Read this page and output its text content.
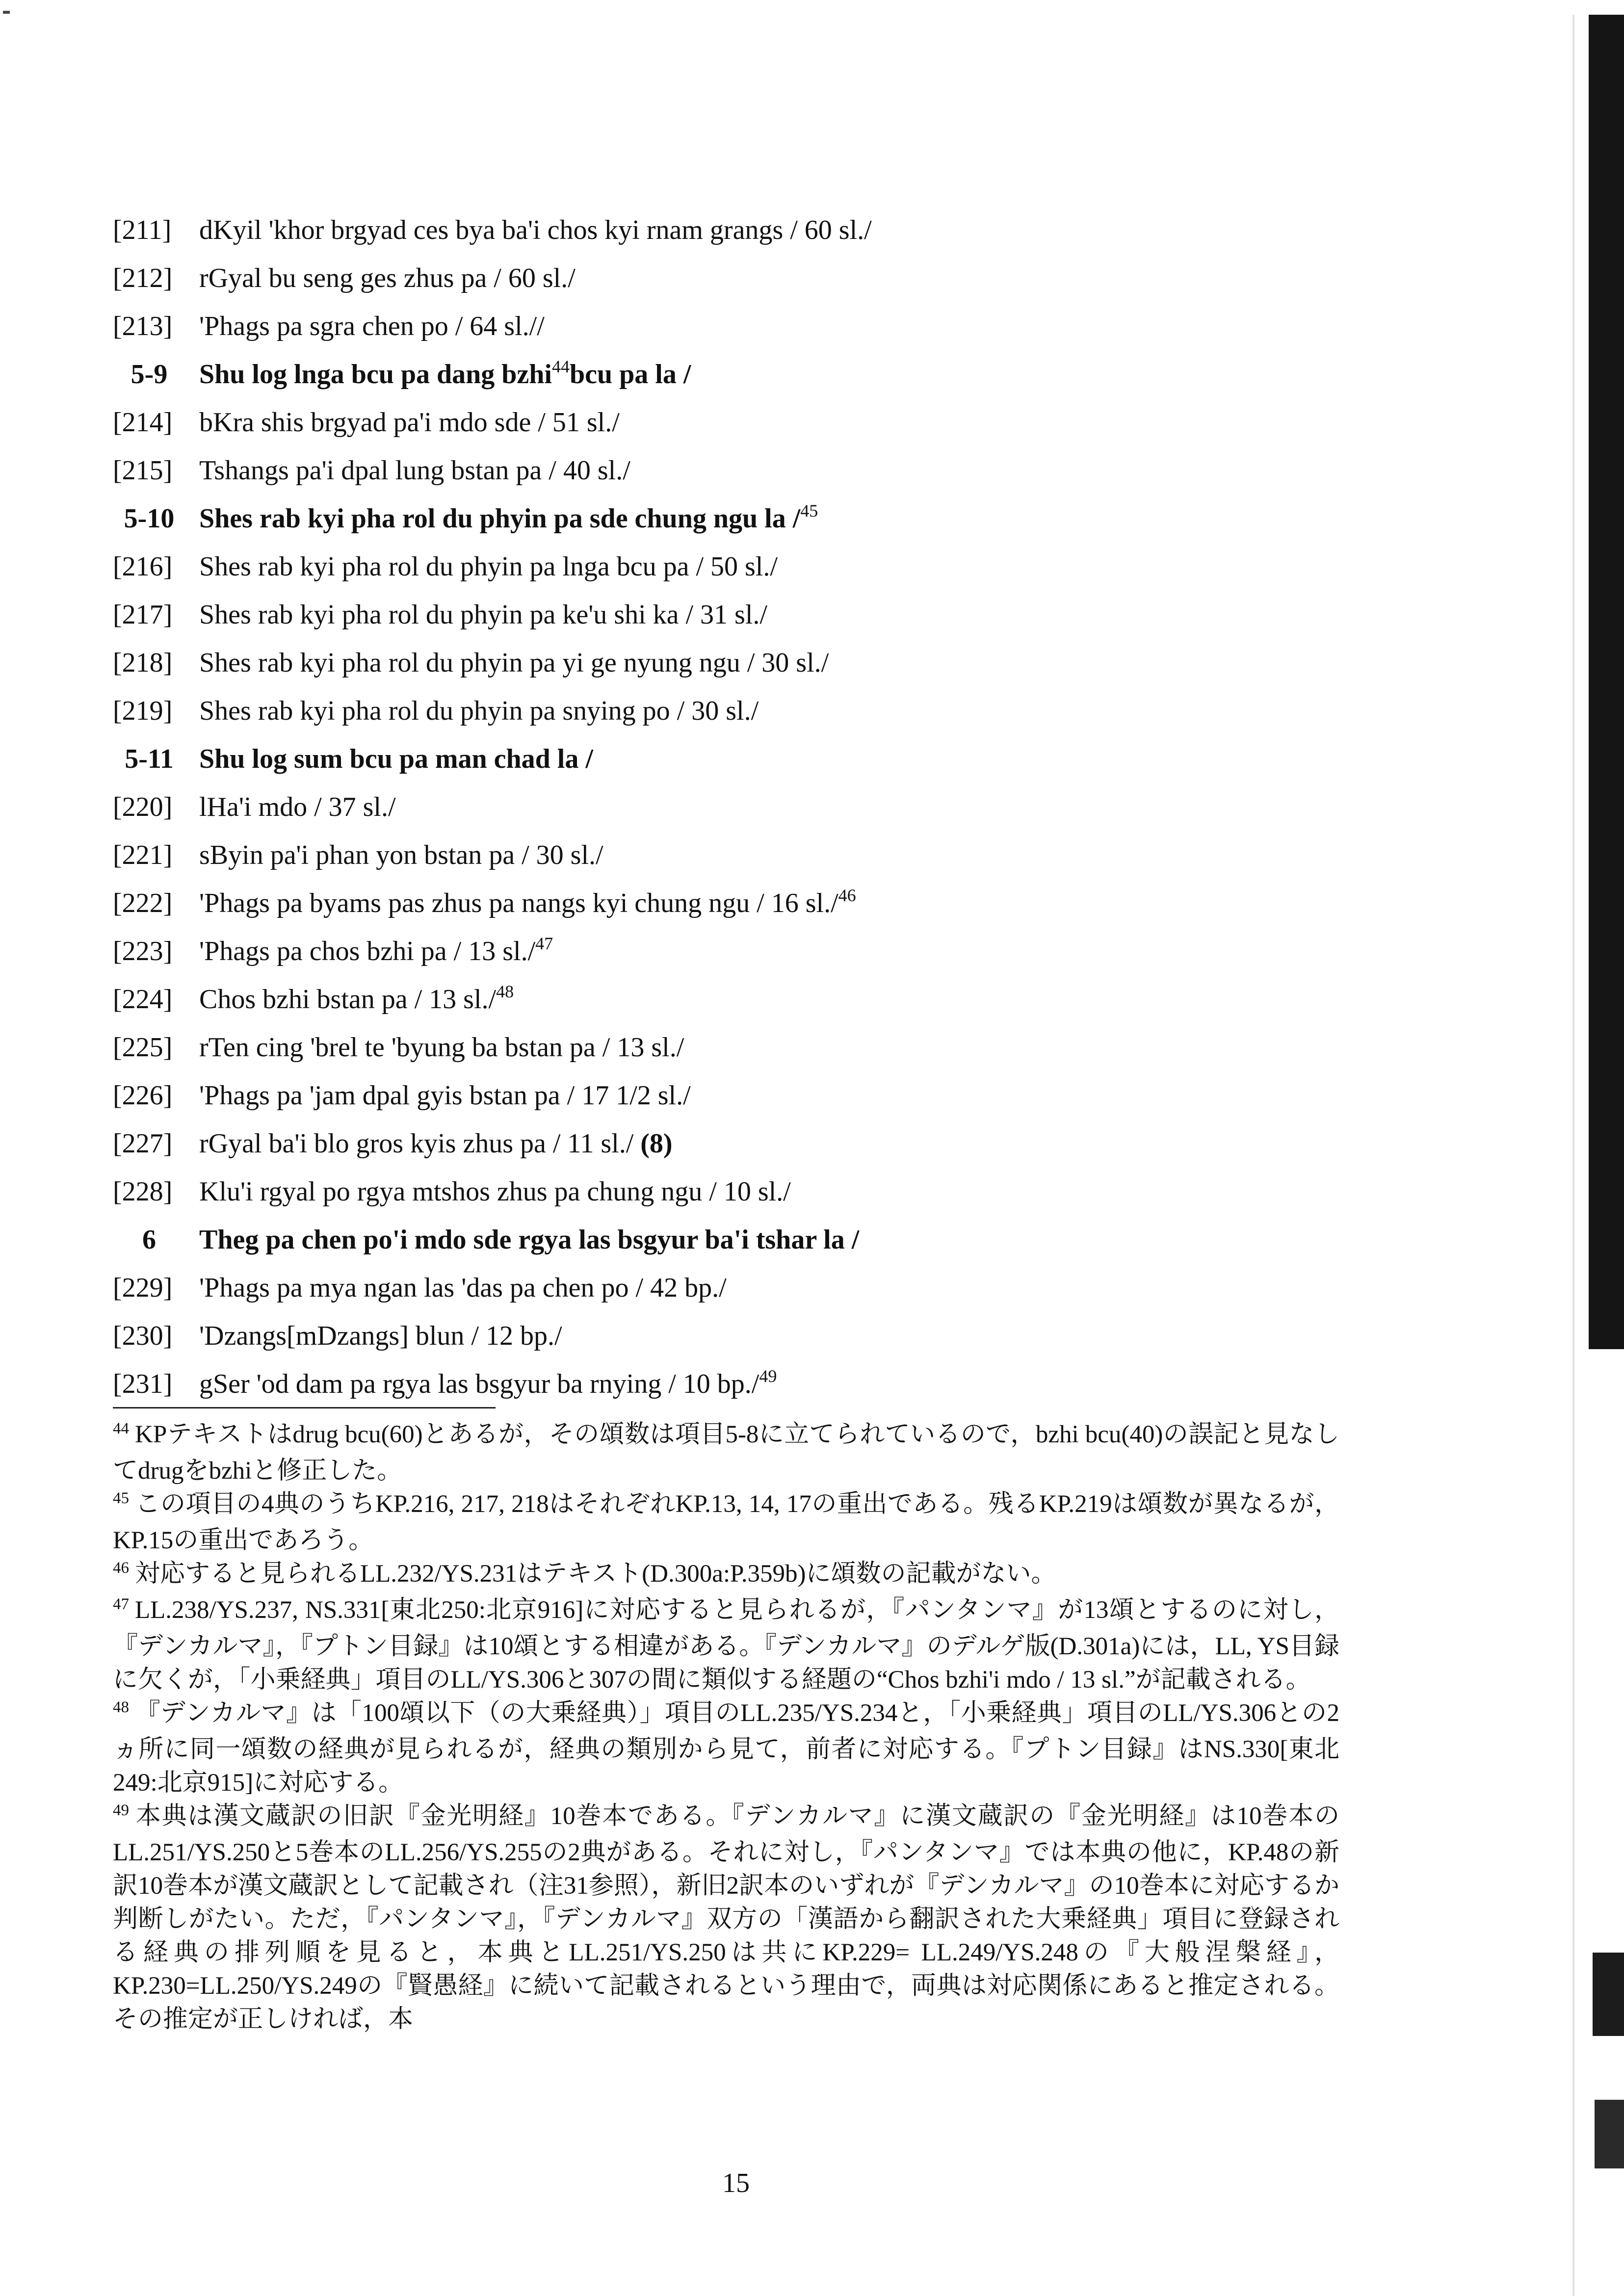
[211]	dKyil 'khor brgyad ces bya ba'i chos kyi rnam grangs / 60 sl./
[212] rGyal bu seng ges zhus pa / 60 sl./
[213] 'Phags pa sgra chen po / 64 sl.//
5-9	Shu log lnga bcu pa dang bzhi$^{44}$bcu pa la /
[214] bKra shis brgyad pa'i mdo sde / 51 sl./
[215] Tshangs pa'i dpal lung bstan pa / 40 sl./
5-10 Shes rab kyi pha rol du phyin pa sde chung ngu la /$^{45}$
[216] Shes rab kyi pha rol du phyin pa lnga bcu pa / 50 sl./
[217] Shes rab kyi pha rol du phyin pa ke'u shi ka / 31 sl./
[218] Shes rab kyi pha rol du phyin pa yi ge nyung ngu / 30 sl./
[219] Shes rab kyi pha rol du phyin pa snying po / 30 sl./
5-11 Shu log sum bcu pa man chad la /
[220] lHa'i mdo / 37 sl./
[221] sByin pa'i phan yon bstan pa / 30 sl./
[222] 'Phags pa byams pas zhus pa nangs kyi chung ngu / 16 sl./$^{46}$
[223] 'Phags pa chos bzhi pa / 13 sl./$^{47}$
[224] Chos bzhi bstan pa / 13 sl./$^{48}$
[225] rTen cing 'brel te 'byung ba bstan pa / 13 sl./
[226] 'Phags pa 'jam dpal gyis bstan pa / 17 1/2 sl./
[227] rGyal ba'i blo gros kyis zhus pa / 11 sl./ (8)
[228] Klu'i rgyal po rgya mtshos zhus pa chung ngu / 10 sl./
6	Theg pa chen po'i mdo sde rgya las bsgyur ba'i tshar la /
[229] 'Phags pa mya ngan las 'das pa chen po / 42 bp./
[230] 'Dzangs[mDzangs] blun / 12 bp./
[231] gSer 'od dam pa rgya las bsgyur ba rnying / 10 bp./$^{49}$
$^{44}$ KPテキストはdrug bcu(60)とあるが，その頌数は項目5-8に立てられているので，bzhi bcu(40)の誤記と見なしてdrugをbzhiと修正した。
$^{45}$ この項目の4典のうちKP.216, 217, 218はそれぞれKP.13, 14, 17の重出である。残るKP.219は頌数が異なるが，KP.15の重出であろう。
$^{46}$ 対応すると見られるLL.232/YS.231はテキスト(D.300a:P.359b)に頌数の記載がない。
$^{47}$ LL.238/YS.237, NS.331[東北250:北京916]に対応すると見られるが，『パンタンマ』が13頌とするのに対し，『デンカルマ』，『プトン目録』は10頌とする相違がある。『デンカルマ』のデルゲ版(D.301a)には，LL, YS目録に欠くが，「小乗経典」項目のLL/YS.306と307の間に類似する経題の“Chos bzhi'i mdo / 13 sl.”が記載される。
$^{48}$ 『デンカルマ』は「100頌以下（の大乗経典）」項目のLL.235/YS.234と，「小乗経典」項目のLL/YS.306との2ヵ所に同一頌数の経典が見られるが，経典の類別から見て，前者に対応する。『プトン目録』はNS.330[東北249:北京915]に対応する。
$^{49}$ 本典は漢文蔵訳の旧訳『金光明経』10巻本である。『デンカルマ』に漢文蔵訳の『金光明経』は10巻本のLL.251/YS.250と5巻本のLL.256/YS.255の2典がある。それに対し，『パンタンマ』では本典の他に，KP.48の新訳10巻本が漢文蔵訳として記載され（注31参照），新旧2訳本のいずれが『デンカルマ』の10巻本に対応するか判断しがたい。ただ，『パンタンマ』，『デンカルマ』双方の「漢語から翻訳された大乗経典」項目に登録される経典の排列順を見ると，本典とLL.251/YS.250は共にKP.229= LL.249/YS.248の『大般涅槃経』，KP.230=LL.250/YS.249の『賢愚経』に続いて記載されるという理由で，両典は対応関係にあると推定される。その推定が正しければ，本
15
